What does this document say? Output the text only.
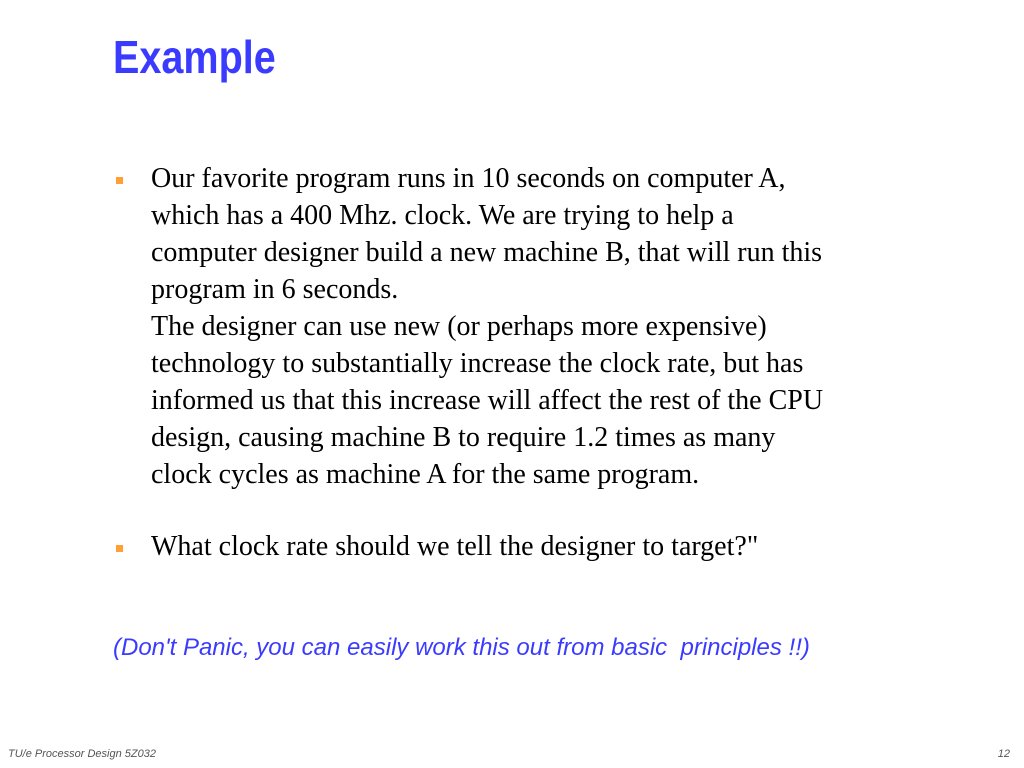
Example
Our favorite program runs in 10 seconds on computer A,
which has a 400 Mhz. clock. We are trying to help a
computer designer build a new machine B, that will run this
program in 6 seconds.
The designer can use new (or perhaps more expensive)
technology to substantially increase the clock rate, but has
informed us that this increase will affect the rest of the CPU
design, causing machine B to require 1.2 times as many
clock cycles as machine A for the same program.
What clock rate should we tell the designer to target?"
(Don't Panic, you can easily work this out from basic  principles !!)
TU/e Processor Design 5Z032	12
